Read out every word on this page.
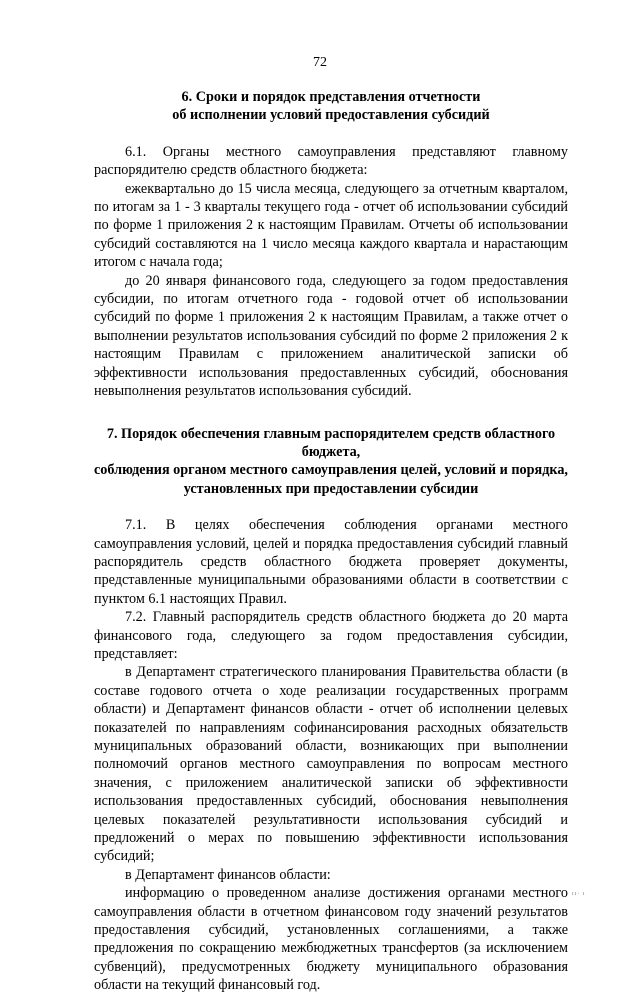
72
6. Сроки и порядок представления отчетности
об исполнении условий предоставления субсидий

6.1. Органы местного самоуправления представляют главному распорядителю средств областного бюджета:

ежеквартально до 15 числа месяца, следующего за отчетным кварталом, по итогам за 1 - 3 кварталы текущего года - отчет об использовании субсидий по форме 1 приложения 2 к настоящим Правилам. Отчеты об использовании субсидий составляются на 1 число месяца каждого квартала и нарастающим итогом с начала года;

до 20 января финансового года, следующего за годом предоставления субсидии, по итогам отчетного года - годовой отчет об использовании субсидий по форме 1 приложения 2 к настоящим Правилам, а также отчет о выполнении результатов использования субсидий по форме 2 приложения 2 к настоящим Правилам с приложением аналитической записки об эффективности использования предоставленных субсидий, обоснования невыполнения результатов использования субсидий.

7. Порядок обеспечения главным распорядителем средств областного бюджета,
соблюдения органом местного самоуправления целей, условий и порядка,
установленных при предоставлении субсидии

7.1. В целях обеспечения соблюдения органами местного самоуправления условий, целей и порядка предоставления субсидий главный распорядитель средств областного бюджета проверяет документы, представленные муниципальными образованиями области в соответствии с пунктом 6.1 настоящих Правил.

7.2. Главный распорядитель средств областного бюджета до 20 марта финансового года, следующего за годом предоставления субсидии, представляет:

в Департамент стратегического планирования Правительства области (в составе годового отчета о ходе реализации государственных программ области) и Департамент финансов области - отчет об исполнении целевых показателей по направлениям софинансирования расходных обязательств муниципальных образований области, возникающих при выполнении полномочий органов местного самоуправления по вопросам местного значения, с приложением аналитической записки об эффективности использования предоставленных субсидий, обоснования невыполнения целевых показателей результативности использования субсидий и предложений о мерах по повышению эффективности использования субсидий;

в Департамент финансов области:

информацию о проведенном анализе достижения органами местного самоуправления области в отчетном финансовом году значений результатов предоставления субсидий, установленных соглашениями, а также предложения по сокращению межбюджетных трансфертов (за исключением субвенций), предусмотренных бюджету муниципального образования области на текущий финансовый год.

ıı· ı
